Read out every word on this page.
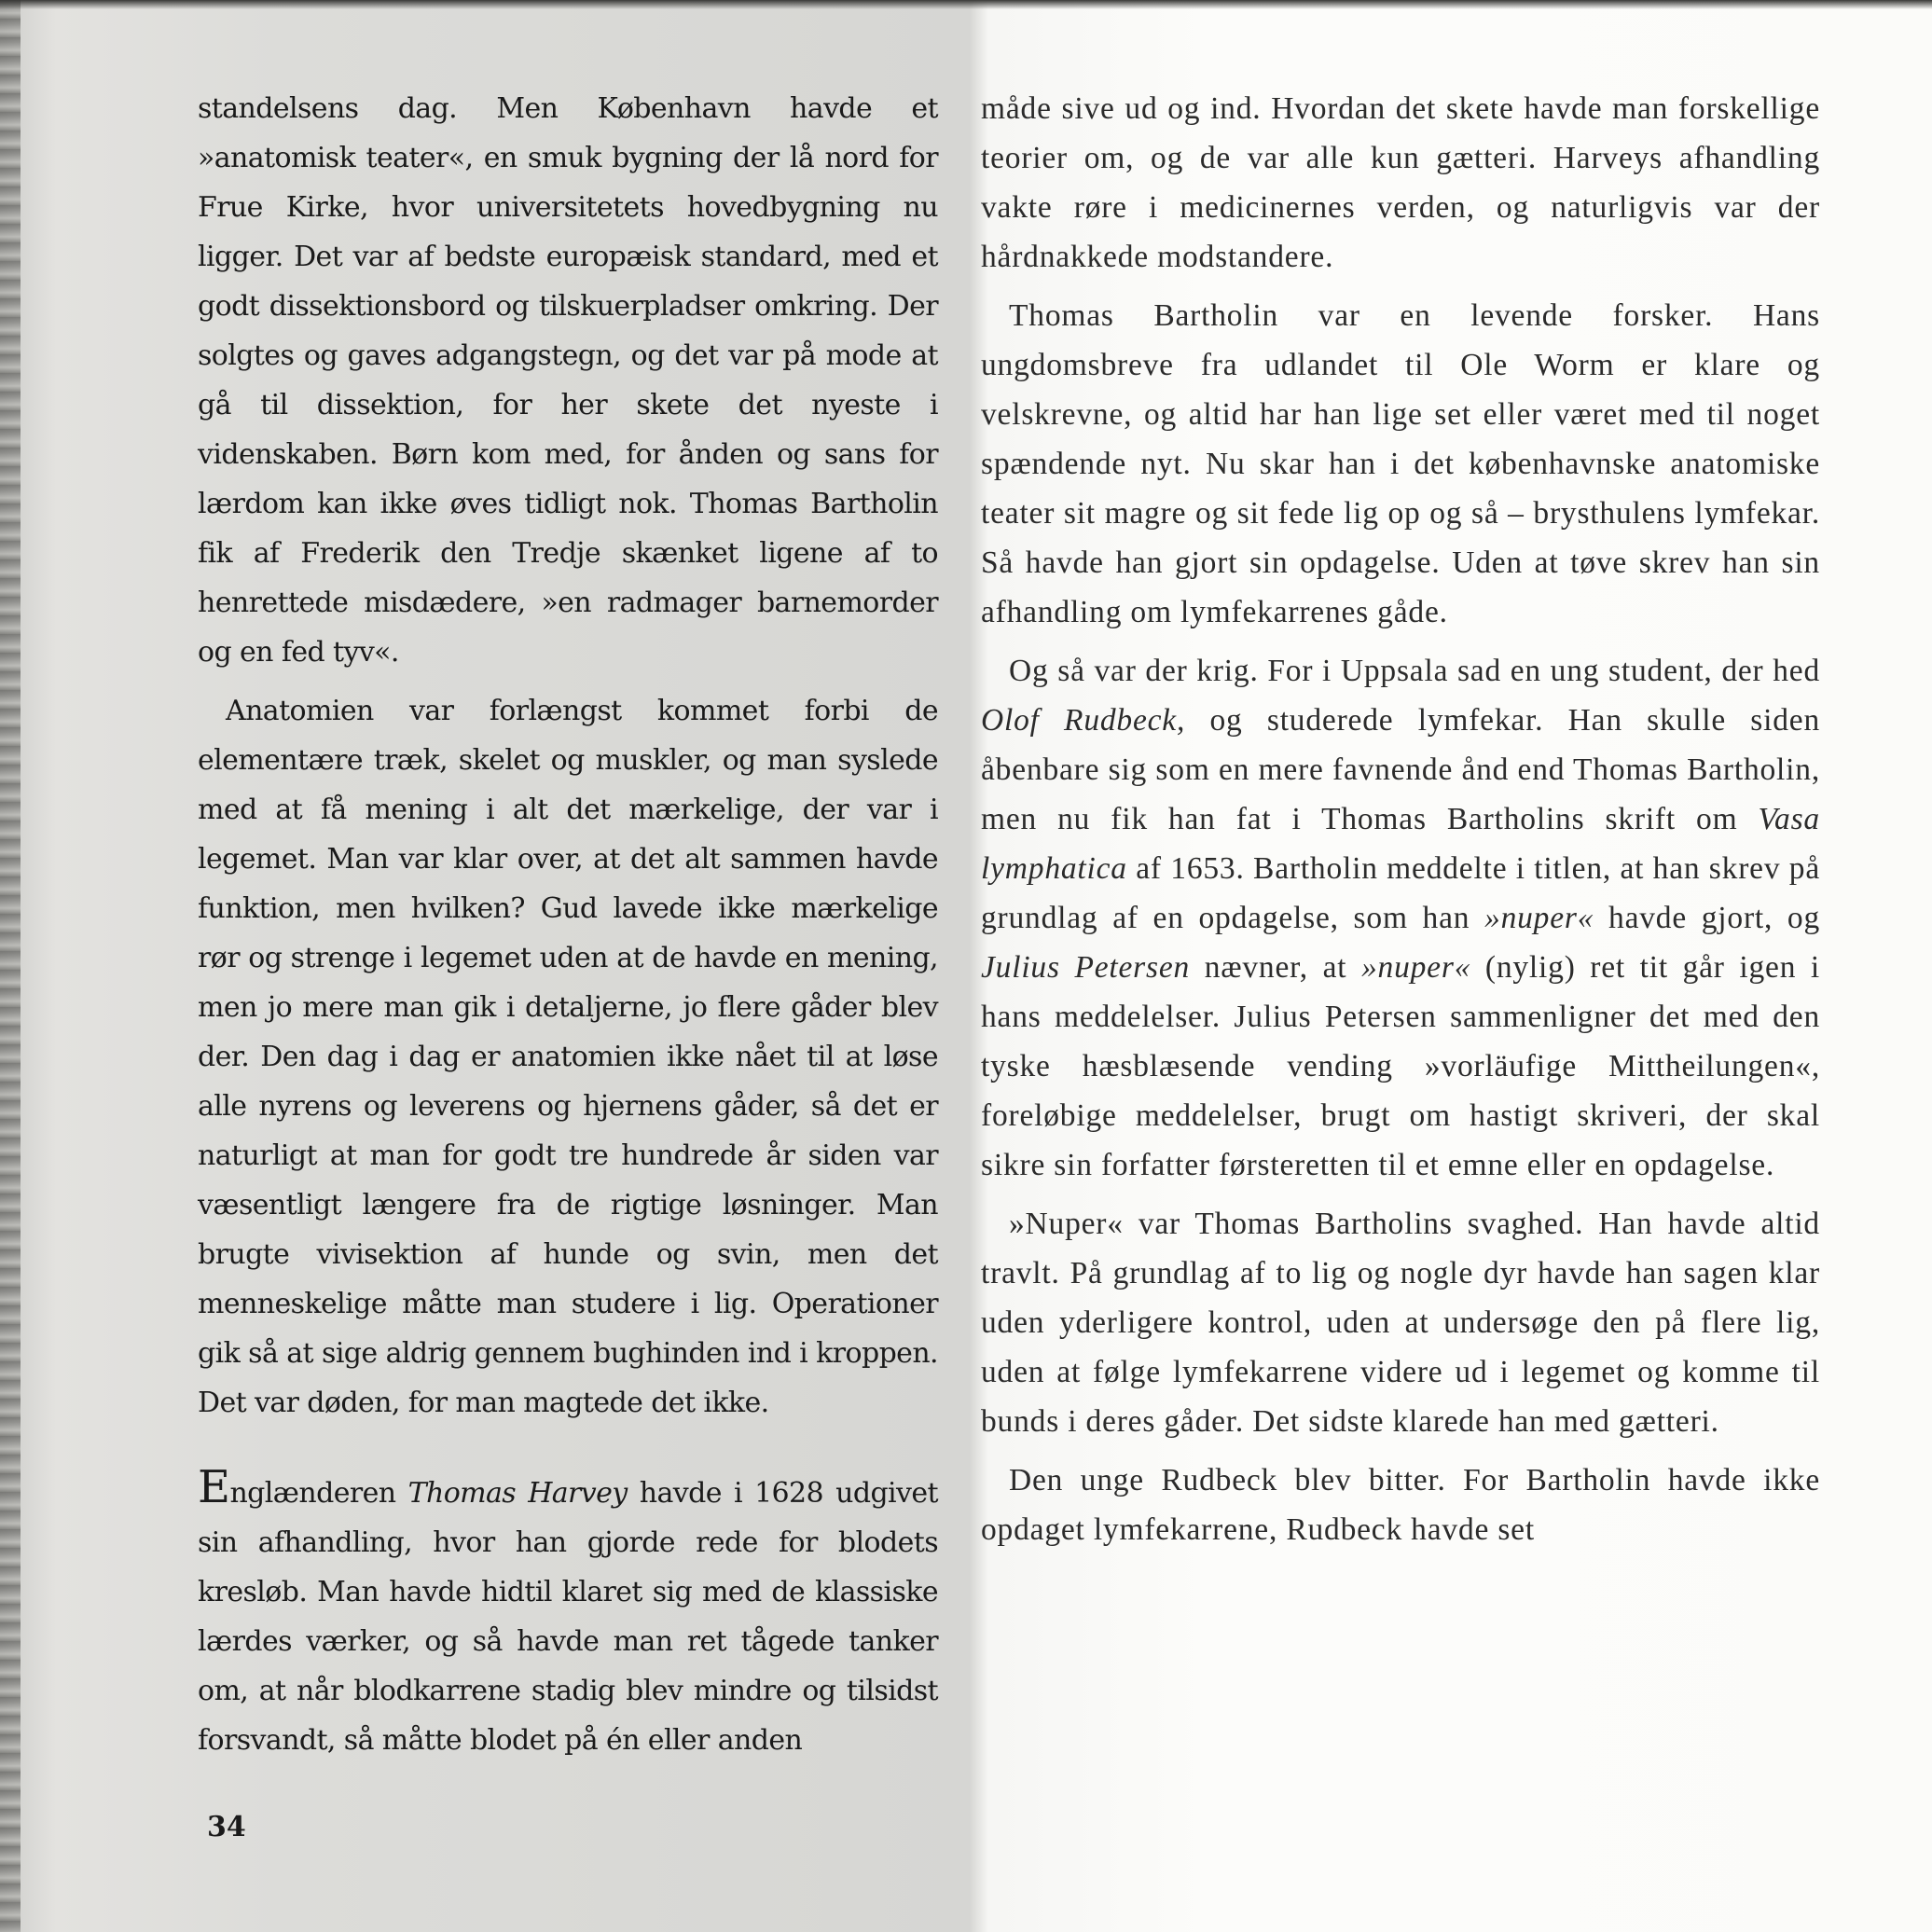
standelsens dag. Men København havde et »anatomisk teater«, en smuk bygning der lå nord for Frue Kirke, hvor universitetets hovedbygning nu ligger. Det var af bedste europæisk standard, med et godt dissektionsbord og tilskuerpladser omkring. Der solgtes og gaves adgangstegn, og det var på mode at gå til dissektion, for her skete det nyeste i videnskaben. Børn kom med, for ånden og sans for lærdom kan ikke øves tidligt nok. Thomas Bartholin fik af Frederik den Tredje skænket ligene af to henrettede misdædere, »en radmager barnemorder og en fed tyv«.

Anatomien var forlængst kommet forbi de elementære træk, skelet og muskler, og man syslede med at få mening i alt det mærkelige, der var i legemet. Man var klar over, at det alt sammen havde funktion, men hvilken? Gud lavede ikke mærkelige rør og strenge i legemet uden at de havde en mening, men jo mere man gik i detaljerne, jo flere gåder blev der. Den dag i dag er anatomien ikke nået til at løse alle nyrens og leverens og hjernens gåder, så det er naturligt at man for godt tre hundrede år siden var væsentligt længere fra de rigtige løsninger. Man brugte vivisektion af hunde og svin, men det menneskelige måtte man studere i lig. Operationer gik så at sige aldrig gennem bughinden ind i kroppen. Det var døden, for man magtede det ikke.

Englænderen Thomas Harvey havde i 1628 udgivet sin afhandling, hvor han gjorde rede for blodets kresløb. Man havde hidtil klaret sig med de klassiske lærdes værker, og så havde man ret tågede tanker om, at når blodkarrene stadig blev mindre og tilsidst forsvandt, så måtte blodet på én eller anden

34

måde sive ud og ind. Hvordan det skete havde man forskellige teorier om, og de var alle kun gætteri. Harveys afhandling vakte røre i medicinernes verden, og naturligvis var der hårdnakkede modstandere.

Thomas Bartholin var en levende forsker. Hans ungdomsbreve fra udlandet til Ole Worm er klare og velskrevne, og altid har han lige set eller været med til noget spændende nyt. Nu skar han i det københavnske anatomiske teater sit magre og sit fede lig op og så – brysthulens lymfekar. Så havde han gjort sin opdagelse. Uden at tøve skrev han sin afhandling om lymfekarrenes gåde.

Og så var der krig. For i Uppsala sad en ung student, der hed Olof Rudbeck, og studerede lymfekar. Han skulle siden åbenbare sig som en mere favnende ånd end Thomas Bartholin, men nu fik han fat i Thomas Bartholins skrift om Vasa lymphatica af 1653. Bartholin meddelte i titlen, at han skrev på grundlag af en opdagelse, som han »nuper« havde gjort, og Julius Petersen nævner, at »nuper« (nylig) ret tit går igen i hans meddelelser. Julius Petersen sammenligner det med den tyske hæsblæsende vending »vorläufige Mittheilungen«, foreløbige meddelelser, brugt om hastigt skriveri, der skal sikre sin forfatter førsteretten til et emne eller en opdagelse.

»Nuper« var Thomas Bartholins svaghed. Han havde altid travlt. På grundlag af to lig og nogle dyr havde han sagen klar uden yderligere kontrol, uden at undersøge den på flere lig, uden at følge lymfekarrene videre ud i legemet og komme til bunds i deres gåder. Det sidste klarede han med gætteri.

Den unge Rudbeck blev bitter. For Bartholin havde ikke opdaget lymfekarrene, Rudbeck havde set
